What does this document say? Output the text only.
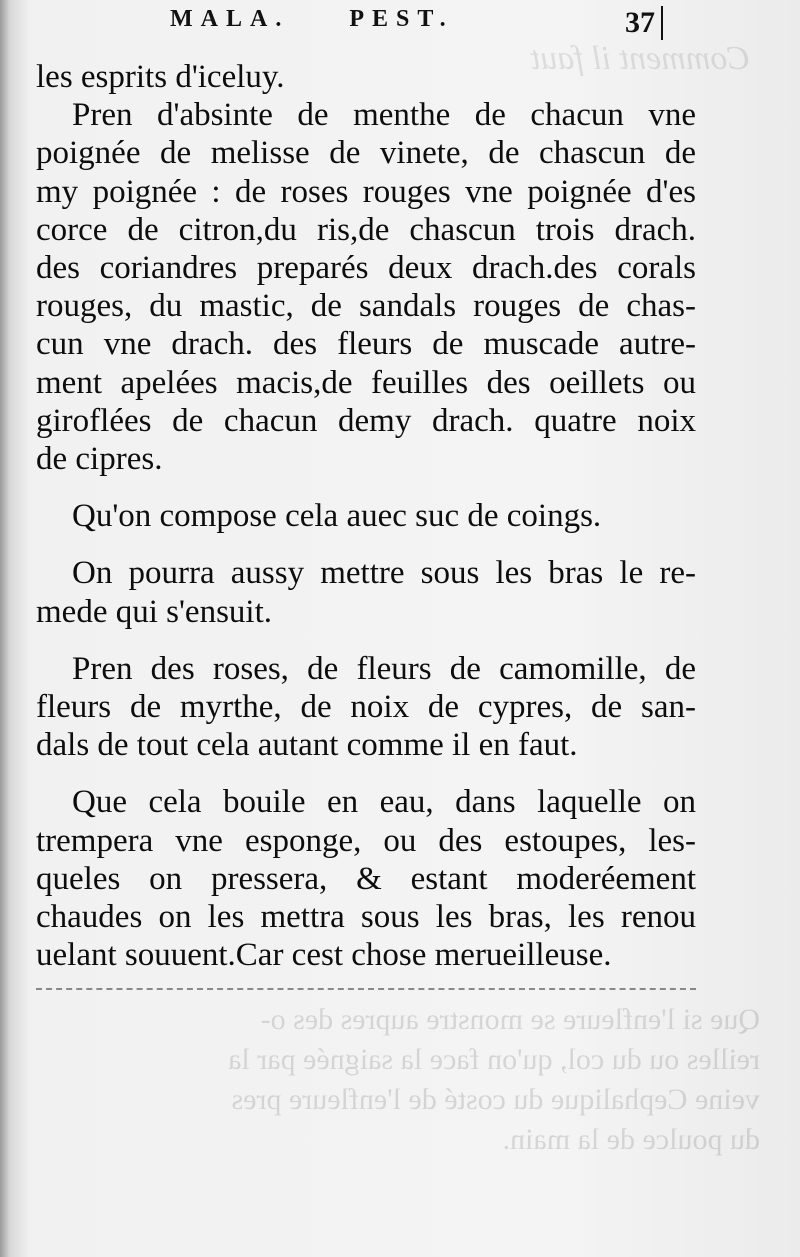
Comment il faut
Que si l'enfleure se monstre aupres des o-
reilles ou du col, qu'on face la saignée par la
veine Cephalique du costé de l'enfleure pres
du poulce de la main.
MALA.	PEST.	37
les esprits d'iceluy.
Pren d'absinte de menthe de chacun vne
poignée de melisse de vinete, de chascun de
my poignée : de roses rouges vne poignée d'es
corce de citron,du ris,de chascun trois drach.
des coriandres preparés deux drach.des corals
rouges, du mastic, de sandals rouges de chas-
cun vne drach. des fleurs de muscade autre-
ment apelées macis,de feuilles des oeillets ou
giroflées de chacun demy drach. quatre noix
de cipres.
Qu'on compose cela auec suc de coings.
On pourra aussy mettre sous les bras le re-
mede qui s'ensuit.
Pren des roses, de fleurs de camomille, de
fleurs de myrthe, de noix de cypres, de san-
dals de tout cela autant comme il en faut.
Que cela bouile en eau, dans laquelle on
trempera vne esponge, ou des estoupes, les-
queles on pressera, & estant moderéement
chaudes on les mettra sous les bras, les renou
uelant souuent.Car cest chose merueilleuse.
